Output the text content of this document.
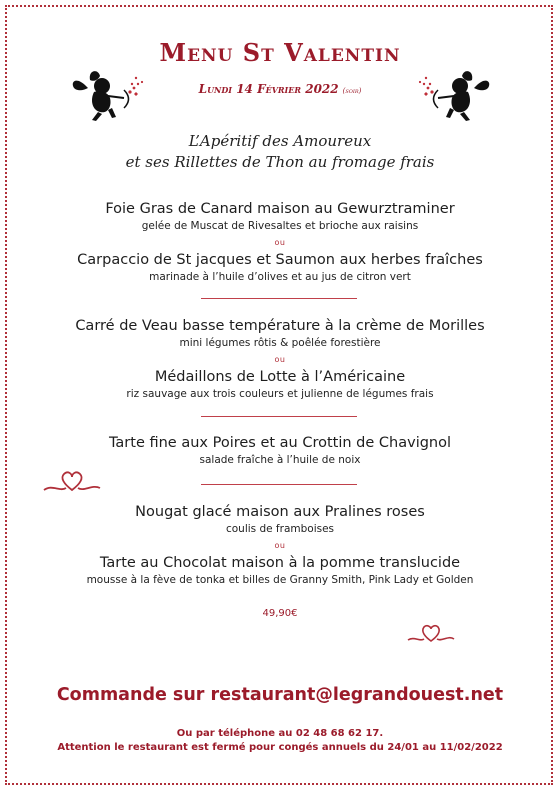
Menu St Valentin
Lundi 14 Février 2022 (soir)
L’Apéritif des Amoureux
et ses Rillettes de Thon au fromage frais
Foie Gras de Canard maison au Gewurztraminer
gelée de Muscat de Rivesaltes et brioche aux raisins
ou
Carpaccio de St jacques et Saumon aux herbes fraîches
marinade à l’huile d’olives et au jus de citron vert
Carré de Veau basse température à la crème de Morilles
mini légumes rôtis & poêlée forestière
ou
Médaillons de Lotte à l’Américaine
riz sauvage aux trois couleurs et julienne de légumes frais
Tarte fine aux Poires et au Crottin de Chavignol
salade fraîche à l’huile de noix
Nougat glacé maison aux Pralines roses
coulis de framboises
ou
Tarte au Chocolat maison à la pomme translucide
mousse à la fève de tonka et billes de Granny Smith, Pink Lady et Golden
49,90€
Commande sur restaurant@legrandouest.net
Ou par téléphone au 02 48 68 62 17.
Attention le restaurant est fermé pour congés annuels du 24/01 au 11/02/2022
